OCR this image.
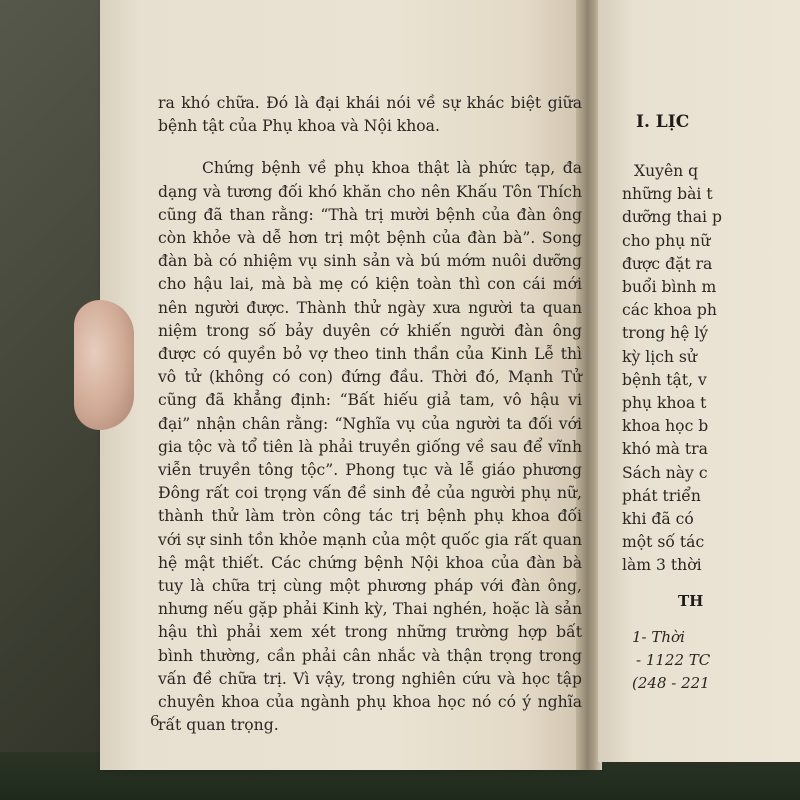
I. LỊC
Xuyên q
những bài t
dưỡng thai p
cho phụ nữ
được đặt ra
buổi bình m
các khoa ph
trong hệ lý
kỳ lịch sử
bệnh tật, v
phụ khoa t
khoa học b
khó mà tra
Sách này c
phát triển
khi đã có
một số tác
làm 3 thời
TH
1- Thời
- 1122 TC
(248 - 221

ra khó chữa. Đó là đại khái nói về sự khác biệt giữa bệnh tật của Phụ khoa và Nội khoa.

Chứng bệnh về phụ khoa thật là phức tạp, đa dạng và tương đối khó khăn cho nên Khấu Tôn Thích cũng đã than rằng: “Thà trị mười bệnh của đàn ông còn khỏe và dễ hơn trị một bệnh của đàn bà”. Song đàn bà có nhiệm vụ sinh sản và bú mớm nuôi dưỡng cho hậu lai, mà bà mẹ có kiện toàn thì con cái mới nên người được. Thành thử ngày xưa người ta quan niệm trong số bảy duyên cớ khiến người đàn ông được có quyền bỏ vợ theo tinh thần của Kinh Lễ thì vô tử (không có con) đứng đầu. Thời đó, Mạnh Tử cũng đã khẳng định: “Bất hiếu giả tam, vô hậu vi đại” nhận chân rằng: “Nghĩa vụ của người ta đối với gia tộc và tổ tiên là phải truyền giống về sau để vĩnh viễn truyền tông tộc”. Phong tục và lễ giáo phương Đông rất coi trọng vấn đề sinh đẻ của người phụ nữ, thành thử làm tròn công tác trị bệnh phụ khoa đối với sự sinh tồn khỏe mạnh của một quốc gia rất quan hệ mật thiết. Các chứng bệnh Nội khoa của đàn bà tuy là chữa trị cùng một phương pháp với đàn ông, nhưng nếu gặp phải Kinh kỳ, Thai nghén, hoặc là sản hậu thì phải xem xét trong những trường hợp bất bình thường, cần phải cân nhắc và thận trọng trong vấn đề chữa trị. Vì vậy, trong nghiên cứu và học tập chuyên khoa của ngành phụ khoa học nó có ý nghĩa rất quan trọng.

6
